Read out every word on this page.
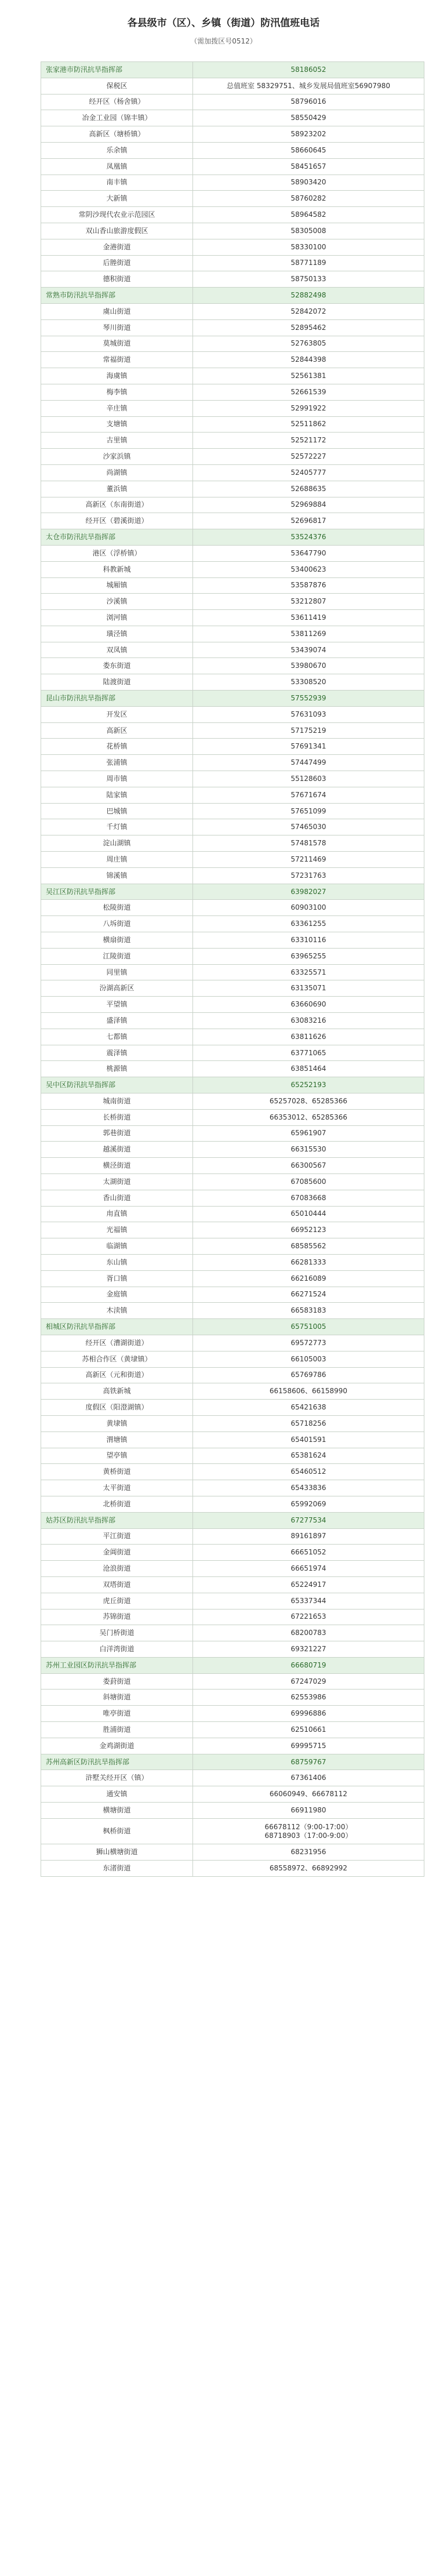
各县级市（区）、乡镇（街道）防汛值班电话
（需加拨区号0512）
张家港市防汛抗旱指挥部	58186052
保税区	总值班室 58329751、城乡发展局值班室56907980
经开区（杨舍镇）	58796016
冶金工业园（锦丰镇）	58550429
高新区（塘桥镇）	58923202
乐余镇	58660645
凤凰镇	58451657
南丰镇	58903420
大新镇	58760282
常阴沙现代农业示范园区	58964582
双山香山旅游度假区	58305008
金港街道	58330100
后塍街道	58771189
德积街道	58750133
常熟市防汛抗旱指挥部	52882498
虞山街道	52842072
琴川街道	52895462
莫城街道	52763805
常福街道	52844398
海虞镇	52561381
梅李镇	52661539
辛庄镇	52991922
支塘镇	52511862
古里镇	52521172
沙家浜镇	52572227
尚湖镇	52405777
董浜镇	52688635
高新区（东南街道）	52969884
经开区（碧溪街道）	52696817
太仓市防汛抗旱指挥部	53524376
港区（浮桥镇）	53647790
科教新城	53400623
城厢镇	53587876
沙溪镇	53212807
浏河镇	53611419
璜泾镇	53811269
双凤镇	53439074
娄东街道	53980670
陆渡街道	53308520
昆山市防汛抗旱指挥部	57552939
开发区	57631093
高新区	57175219
花桥镇	57691341
张浦镇	57447499
周市镇	55128603
陆家镇	57671674
巴城镇	57651099
千灯镇	57465030
淀山湖镇	57481578
周庄镇	57211469
锦溪镇	57231763
吴江区防汛抗旱指挥部	63982027
松陵街道	60903100
八坼街道	63361255
横扇街道	63310116
江陵街道	63965255
同里镇	63325571
汾湖高新区	63135071
平望镇	63660690
盛泽镇	63083216
七都镇	63811626
震泽镇	63771065
桃源镇	63851464
吴中区防汛抗旱指挥部	65252193
城南街道	65257028、65285366
长桥街道	66353012、65285366
郭巷街道	65961907
越溪街道	66315530
横泾街道	66300567
太湖街道	67085600
香山街道	67083668
甪直镇	65010444
光福镇	66952123
临湖镇	68585562
东山镇	66281333
胥口镇	66216089
金庭镇	66271524
木渎镇	66583183
相城区防汛抗旱指挥部	65751005
经开区（漕湖街道）	69572773
苏相合作区（黄埭镇）	66105003
高新区（元和街道）	65769786
高铁新城	66158606、66158990
度假区（阳澄湖镇）	65421638
黄埭镇	65718256
渭塘镇	65401591
望亭镇	65381624
黄桥街道	65460512
太平街道	65433836
北桥街道	65992069
姑苏区防汛抗旱指挥部	67277534
平江街道	89161897
金阊街道	66651052
沧浪街道	66651974
双塔街道	65224917
虎丘街道	65337344
苏锦街道	67221653
吴门桥街道	68200783
白洋湾街道	69321227
苏州工业园区防汛抗旱指挥部	66680719
娄葑街道	67247029
斜塘街道	62553986
唯亭街道	69996886
胜浦街道	62510661
金鸡湖街道	69995715
苏州高新区防汛抗旱指挥部	68759767
浒墅关经开区（镇）	67361406
通安镇	66060949、66678112
横塘街道	66911980
枫桥街道	66678112（9:00-17:00）
68718903（17:00-9:00）
狮山横塘街道	68231956
东渚街道	68558972、66892992
